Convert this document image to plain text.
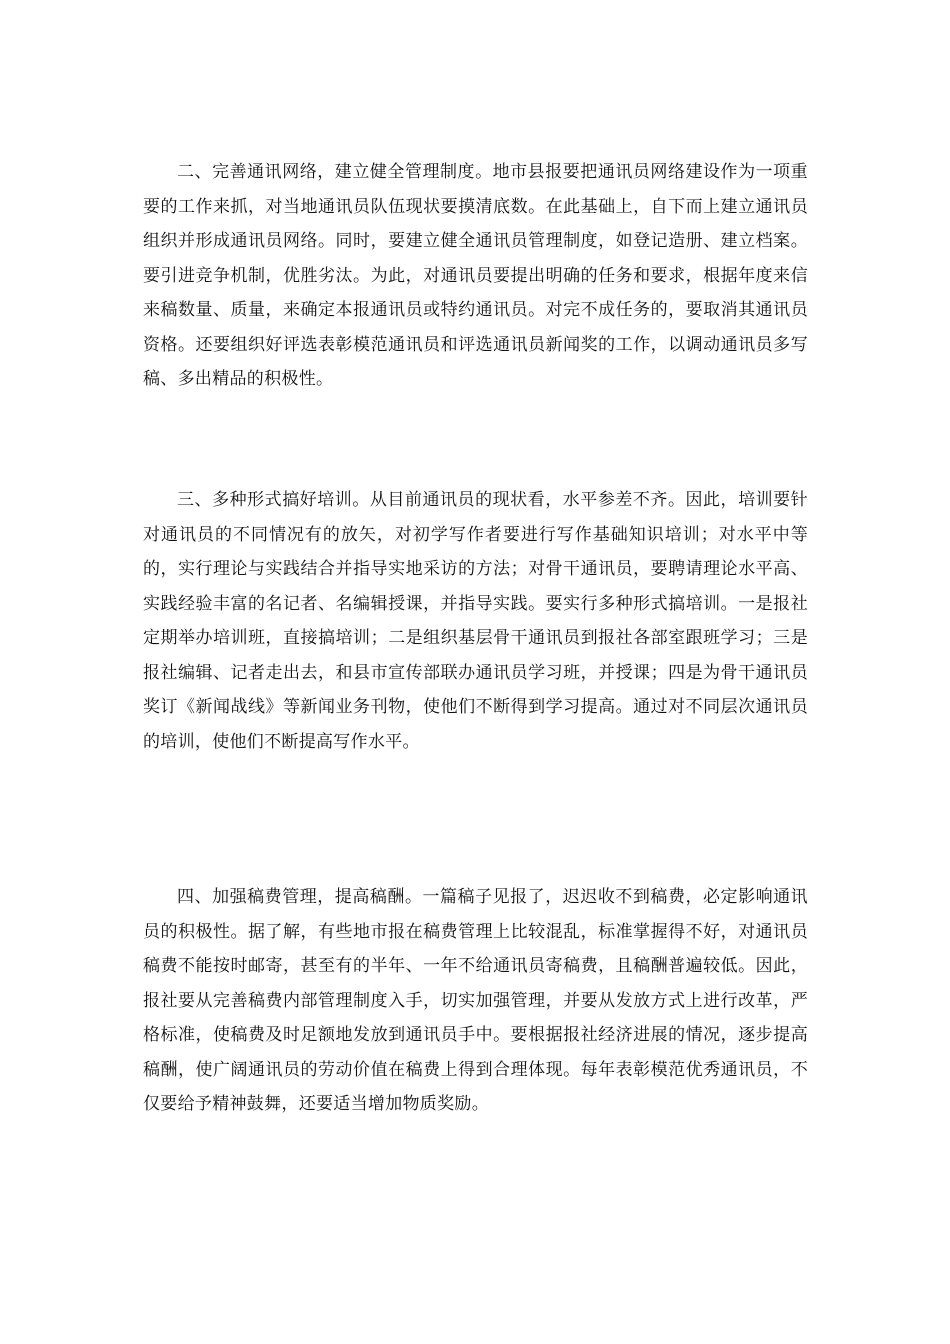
二、完善通讯网络，建立健全管理制度。地市县报要把通讯员网络建设作为一项重要的工作来抓，对当地通讯员队伍现状要摸清底数。在此基础上，自下而上建立通讯员组织并形成通讯员网络。同时，要建立健全通讯员管理制度，如登记造册、建立档案。要引进竞争机制，优胜劣汰。为此，对通讯员要提出明确的任务和要求，根据年度来信来稿数量、质量，来确定本报通讯员或特约通讯员。对完不成任务的，要取消其通讯员资格。还要组织好评选表彰模范通讯员和评选通讯员新闻奖的工作，以调动通讯员多写稿、多出精品的积极性。

三、多种形式搞好培训。从目前通讯员的现状看，水平参差不齐。因此，培训要针对通讯员的不同情况有的放矢，对初学写作者要进行写作基础知识培训；对水平中等的，实行理论与实践结合并指导实地采访的方法；对骨干通讯员，要聘请理论水平高、实践经验丰富的名记者、名编辑授课，并指导实践。要实行多种形式搞培训。一是报社定期举办培训班，直接搞培训；二是组织基层骨干通讯员到报社各部室跟班学习；三是报社编辑、记者走出去，和县市宣传部联办通讯员学习班，并授课；四是为骨干通讯员奖订《新闻战线》等新闻业务刊物，使他们不断得到学习提高。通过对不同层次通讯员的培训，使他们不断提高写作水平。

四、加强稿费管理，提高稿酬。一篇稿子见报了，迟迟收不到稿费，必定影响通讯员的积极性。据了解，有些地市报在稿费管理上比较混乱，标准掌握得不好，对通讯员稿费不能按时邮寄，甚至有的半年、一年不给通讯员寄稿费，且稿酬普遍较低。因此，报社要从完善稿费内部管理制度入手，切实加强管理，并要从发放方式上进行改革，严格标准，使稿费及时足额地发放到通讯员手中。要根据报社经济进展的情况，逐步提高稿酬，使广阔通讯员的劳动价值在稿费上得到合理体现。每年表彰模范优秀通讯员，不仅要给予精神鼓舞，还要适当增加物质奖励。
